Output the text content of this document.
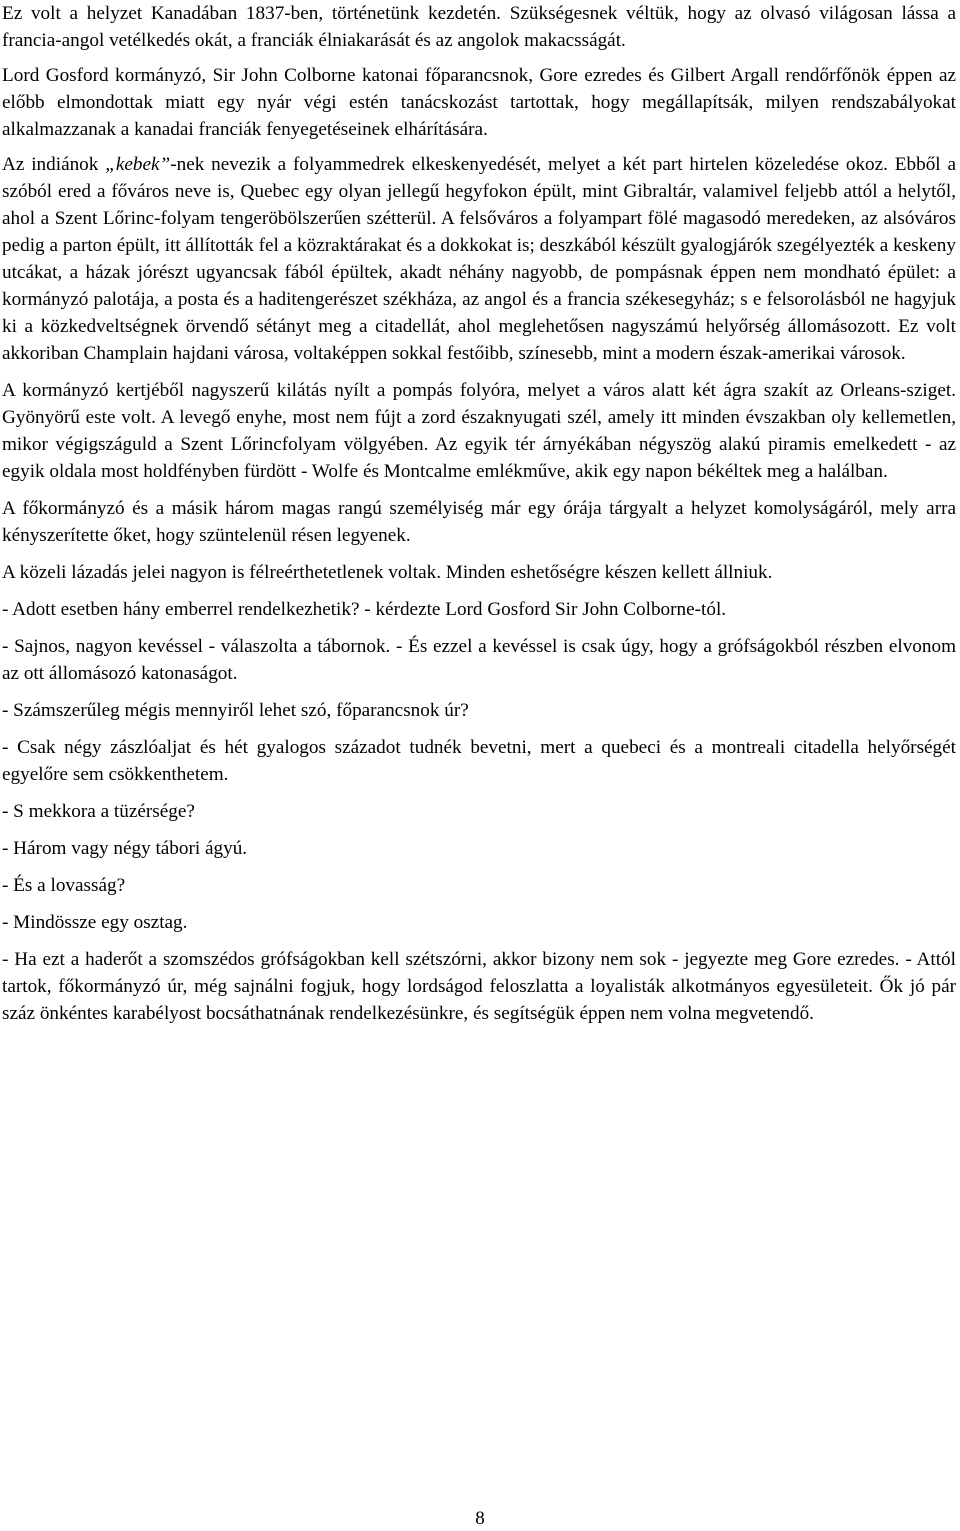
Ez volt a helyzet Kanadában 1837-ben, történetünk kezdetén. Szükségesnek véltük, hogy az olvasó világosan lássa a francia-angol vetélkedés okát, a franciák élniakarását és az angolok makacsságát.

Lord Gosford kormányzó, Sir John Colborne katonai főparancsnok, Gore ezredes és Gilbert Argall rendőrfőnök éppen az előbb elmondottak miatt egy nyár végi estén tanácskozást tartottak, hogy megállapítsák, milyen rendszabályokat alkalmazzanak a kanadai franciák fenyegetéseinek elhárítására.

Az indiánok „kebek”-nek nevezik a folyammedrek elkeskenyedését, melyet a két part hirtelen közeledése okoz. Ebből a szóból ered a főváros neve is, Quebec egy olyan jellegű hegyfokon épült, mint Gibraltár, valamivel feljebb attól a helytől, ahol a Szent Lőrinc-folyam tengeröbölszerűen szétterül. A felsőváros a folyampart fölé magasodó meredeken, az alsóváros pedig a parton épült, itt állították fel a közraktárakat és a dokkokat is; deszkából készült gyalogjárók szegélyezték a keskeny utcákat, a házak jórészt ugyancsak fából épültek, akadt néhány nagyobb, de pompásnak éppen nem mondható épület: a kormányzó palotája, a posta és a haditengerészet székháza, az angol és a francia székesegyház; s e felsorolásból ne hagyjuk ki a közkedveltségnek örvendő sétányt meg a citadellát, ahol meglehetősen nagyszámú helyőrség állomásozott. Ez volt akkoriban Champlain hajdani városa, voltaképpen sokkal festőibb, színesebb, mint a modern észak-amerikai városok.

A kormányzó kertjéből nagyszerű kilátás nyílt a pompás folyóra, melyet a város alatt két ágra szakít az Orleans-sziget. Gyönyörű este volt. A levegő enyhe, most nem fújt a zord északnyugati szél, amely itt minden évszakban oly kellemetlen, mikor végigszáguld a Szent Lőrincfolyam völgyében. Az egyik tér árnyékában négyszög alakú piramis emelkedett - az egyik oldala most holdfényben fürdött - Wolfe és Montcalme emlékműve, akik egy napon békéltek meg a halálban.

A főkormányzó és a másik három magas rangú személyiség már egy órája tárgyalt a helyzet komolyságáról, mely arra kényszerítette őket, hogy szüntelenül résen legyenek.

A közeli lázadás jelei nagyon is félreérthetetlenek voltak. Minden eshetőségre készen kellett állniuk.

- Adott esetben hány emberrel rendelkezhetik? - kérdezte Lord Gosford Sir John Colborne-tól.

- Sajnos, nagyon kevéssel - válaszolta a tábornok. - És ezzel a kevéssel is csak úgy, hogy a grófságokból részben elvonom az ott állomásozó katonaságot.

- Számszerűleg mégis mennyiről lehet szó, főparancsnok úr?

- Csak négy zászlóaljat és hét gyalogos századot tudnék bevetni, mert a quebeci és a montreali citadella helyőrségét egyelőre sem csökkenthetem.

- S mekkora a tüzérsége?

- Három vagy négy tábori ágyú.

- És a lovasság?

- Mindössze egy osztag.

- Ha ezt a haderőt a szomszédos grófságokban kell szétszórni, akkor bizony nem sok - jegyezte meg Gore ezredes. - Attól tartok, főkormányzó úr, még sajnálni fogjuk, hogy lordságod feloszlatta a loyalisták alkotmányos egyesületeit. Ők jó pár száz önkéntes karabélyost bocsáthatnának rendelkezésünkre, és segítségük éppen nem volna megvetendő.

8
